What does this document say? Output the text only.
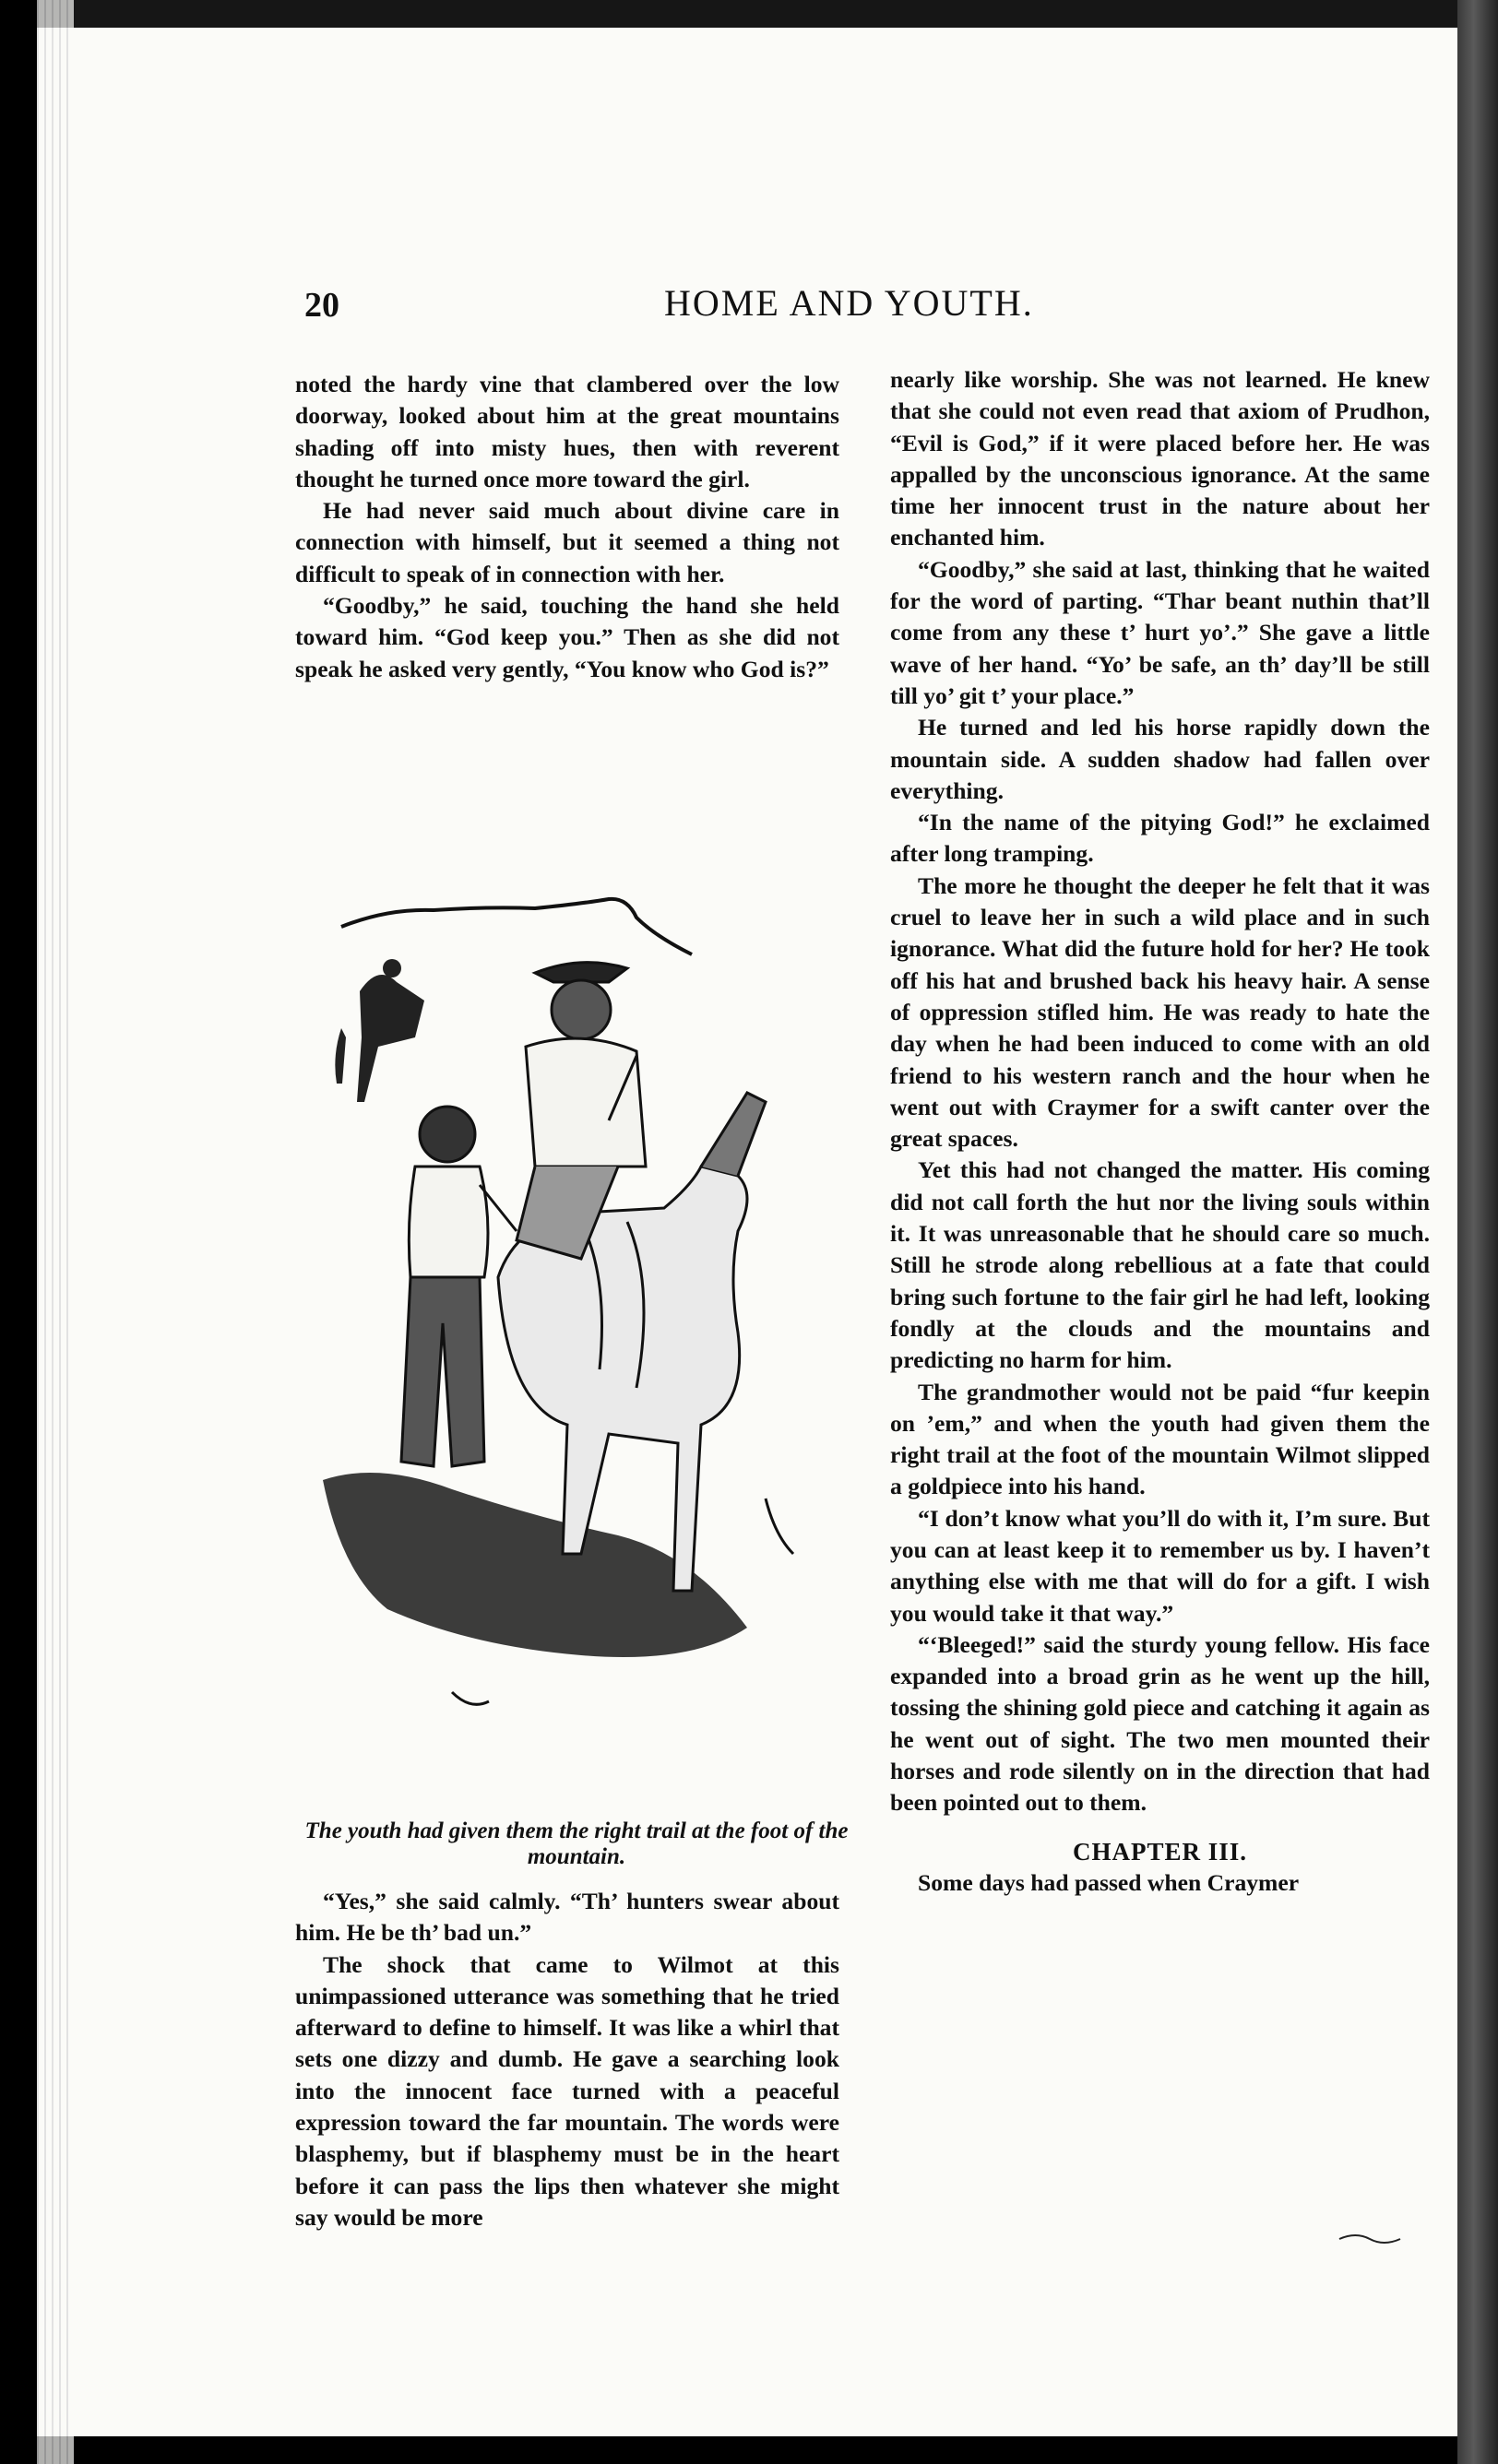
20	HOME AND YOUTH.

noted the hardy vine that clambered over the low doorway, looked about him at the great mountains shading off into misty hues, then with reverent thought he turned once more toward the girl.

He had never said much about divine care in connection with himself, but it seemed a thing not difficult to speak of in connection with her.

“Goodby,” he said, touching the hand she held toward him. “God keep you.” Then as she did not speak he asked very gently, “You know who God is?”

The youth had given them the right trail at the foot of the mountain.

“Yes,” she said calmly. “Th’ hunters swear about him. He be th’ bad un.”

The shock that came to Wilmot at this unimpassioned utterance was something that he tried afterward to define to himself. It was like a whirl that sets one dizzy and dumb. He gave a searching look into the innocent face turned with a peaceful expression toward the far mountain. The words were blasphemy, but if blasphemy must be in the heart before it can pass the lips then whatever she might say would be more

nearly like worship. She was not learned. He knew that she could not even read that axiom of Prudhon, “Evil is God,” if it were placed before her. He was appalled by the unconscious ignorance. At the same time her innocent trust in the nature about her enchanted him.

“Goodby,” she said at last, thinking that he waited for the word of parting. “Thar beant nuthin that’ll come from any these t’ hurt yo’.” She gave a little wave of her hand. “Yo’ be safe, an th’ day’ll be still till yo’ git t’ your place.”

He turned and led his horse rapidly down the mountain side. A sudden shadow had fallen over everything.

“In the name of the pitying God!” he exclaimed after long tramping.

The more he thought the deeper he felt that it was cruel to leave her in such a wild place and in such ignorance. What did the future hold for her? He took off his hat and brushed back his heavy hair. A sense of oppression stifled him. He was ready to hate the day when he had been induced to come with an old friend to his western ranch and the hour when he went out with Craymer for a swift canter over the great spaces.

Yet this had not changed the matter. His coming did not call forth the hut nor the living souls within it. It was unreasonable that he should care so much. Still he strode along rebellious at a fate that could bring such fortune to the fair girl he had left, looking fondly at the clouds and the mountains and predicting no harm for him.

The grandmother would not be paid “fur keepin on ’em,” and when the youth had given them the right trail at the foot of the mountain Wilmot slipped a goldpiece into his hand.

“I don’t know what you’ll do with it, I’m sure. But you can at least keep it to remember us by. I haven’t anything else with me that will do for a gift. I wish you would take it that way.”

“‘Bleeged!” said the sturdy young fellow. His face expanded into a broad grin as he went up the hill, tossing the shining gold piece and catching it again as he went out of sight. The two men mounted their horses and rode silently on in the direction that had been pointed out to them.

CHAPTER III.

Some days had passed when Craymer
